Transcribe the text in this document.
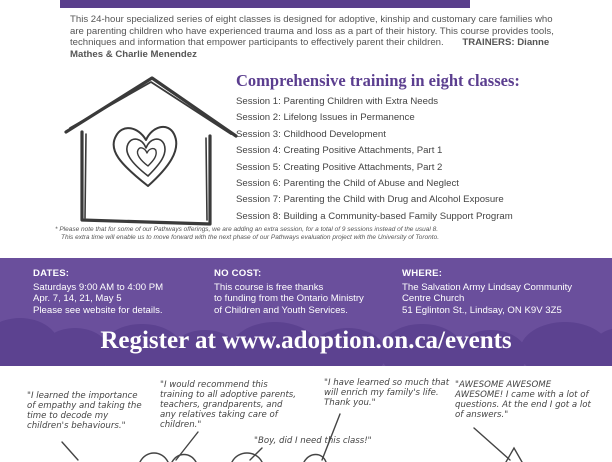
This 24-hour specialized series of eight classes is designed for adoptive, kinship and customary care families who are parenting children who have experienced trauma and loss as a part of their history. This course provides tools, techniques and information that empower participants to effectively parent their children. TRAINERS: Dianne Mathes & Charlie Menendez
Comprehensive training in eight classes:
Session 1: Parenting Children with Extra Needs
Session 2: Lifelong Issues in Permanence
Session 3: Childhood Development
Session 4: Creating Positive Attachments, Part 1
Session 5: Creating Positive Attachments, Part 2
Session 6: Parenting the Child of Abuse and Neglect
Session 7: Parenting the Child with Drug and Alcohol Exposure
Session 8: Building a Community-based Family Support Program
* Please note that for some of our Pathways offerings, we are adding an extra session, for a total of 9 sessions instead of the usual 8.
This extra time will enable us to move forward with the next phase of our Pathways evaluation project with the University of Toronto.
DATES:
Saturdays 9:00 AM to 4:00 PM
Apr. 7, 14, 21, May 5
Please see website for details.
NO COST:
This course is free thanks
to funding from the Ontario Ministry
of Children and Youth Services.
WHERE:
The Salvation Army Lindsay Community
Centre Church
51 Eglinton St., Lindsay, ON K9V 3Z5
Register at www.adoption.on.ca/events
"I learned the importance of empathy and taking the time to decode my children's behaviours."
"I would recommend this training to all adoptive parents, teachers, grandparents, and any relatives taking care of children."
"Boy, did I need this class!"
"I have learned so much that will enrich my family's life. Thank you."
"AWESOME AWESOME AWESOME! I came with a lot of questions. At the end I got a lot of answers."
